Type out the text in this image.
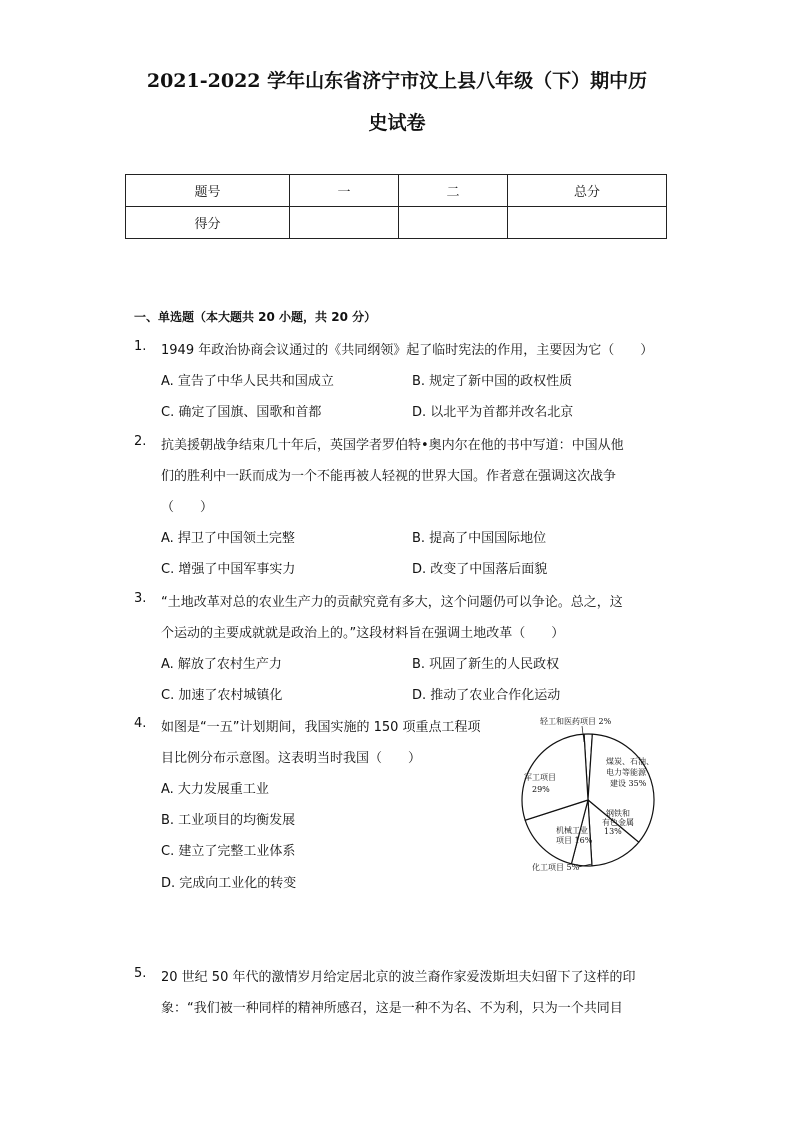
2021-2022 学年山东省济宁市汶上县八年级（下）期中历
史试卷
题号	一	二	总分
得分			
一、单选题（本大题共 20 小题，共 20 分）
1. 1949 年政治协商会议通过的《共同纲领》起了临时宪法的作用，主要因为它（　　）
A. 宣告了中华人民共和国成立	B. 规定了新中国的政权性质
C. 确定了国旗、国歌和首都	D. 以北平为首都并改名北京
2. 抗美援朝战争结束几十年后，英国学者罗伯特•奥内尔在他的书中写道：中国从他
们的胜利中一跃而成为一个不能再被人轻视的世界大国。作者意在强调这次战争
（　　）
A. 捍卫了中国领土完整	B. 提高了中国国际地位
C. 增强了中国军事实力	D. 改变了中国落后面貌
3. “土地改革对总的农业生产力的贡献究竟有多大，这个问题仍可以争论。总之，这
个运动的主要成就就是政治上的。”这段材料旨在强调土地改革（　　）
A. 解放了农村生产力	B. 巩固了新生的人民政权
C. 加速了农村城镇化	D. 推动了农业合作化运动
4. 如图是“一五”计划期间，我国实施的 150 项重点工程项
目比例分布示意图。这表明当时我国（　　）
A. 大力发展重工业
B. 工业项目的均衡发展
C. 建立了完整工业体系
D. 完成向工业化的转变
轻工和医药项目 2%
煤炭、石油、 电力等能源 建设 35%
钢铁和 有色金属 13%
机械工业 项目 16%
军工项目 29%
化工项目 5%
5. 20 世纪 50 年代的激情岁月给定居北京的波兰裔作家爱泼斯坦夫妇留下了这样的印
象：“我们被一种同样的精神所感召，这是一种不为名、不为利，只为一个共同目
